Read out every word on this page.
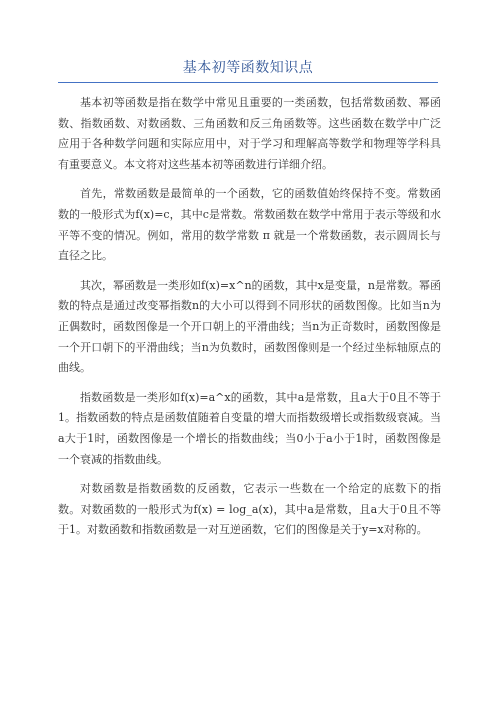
基本初等函数知识点

基本初等函数是指在数学中常见且重要的一类函数，包括常数函数、幂函数、指数函数、对数函数、三角函数和反三角函数等。这些函数在数学中广泛应用于各种数学问题和实际应用中，对于学习和理解高等数学和物理等学科具有重要意义。本文将对这些基本初等函数进行详细介绍。

首先，常数函数是最简单的一个函数，它的函数值始终保持不变。常数函数的一般形式为f(x)=c，其中c是常数。常数函数在数学中常用于表示等级和水平等不变的情况。例如，常用的数学常数 π 就是一个常数函数，表示圆周长与直径之比。

其次，幂函数是一类形如f(x)=x^n的函数，其中x是变量，n是常数。幂函数的特点是通过改变幂指数n的大小可以得到不同形状的函数图像。比如当n为正偶数时，函数图像是一个开口朝上的平滑曲线；当n为正奇数时，函数图像是一个开口朝下的平滑曲线；当n为负数时，函数图像则是一个经过坐标轴原点的曲线。

指数函数是一类形如f(x)=a^x的函数，其中a是常数，且a大于0且不等于1。指数函数的特点是函数值随着自变量的增大而指数级增长或指数级衰减。当a大于1时，函数图像是一个增长的指数曲线；当0小于a小于1时，函数图像是一个衰减的指数曲线。

对数函数是指数函数的反函数，它表示一些数在一个给定的底数下的指数。对数函数的一般形式为f(x) = log_a(x)，其中a是常数，且a大于0且不等于1。对数函数和指数函数是一对互逆函数，它们的图像是关于y=x对称的。
